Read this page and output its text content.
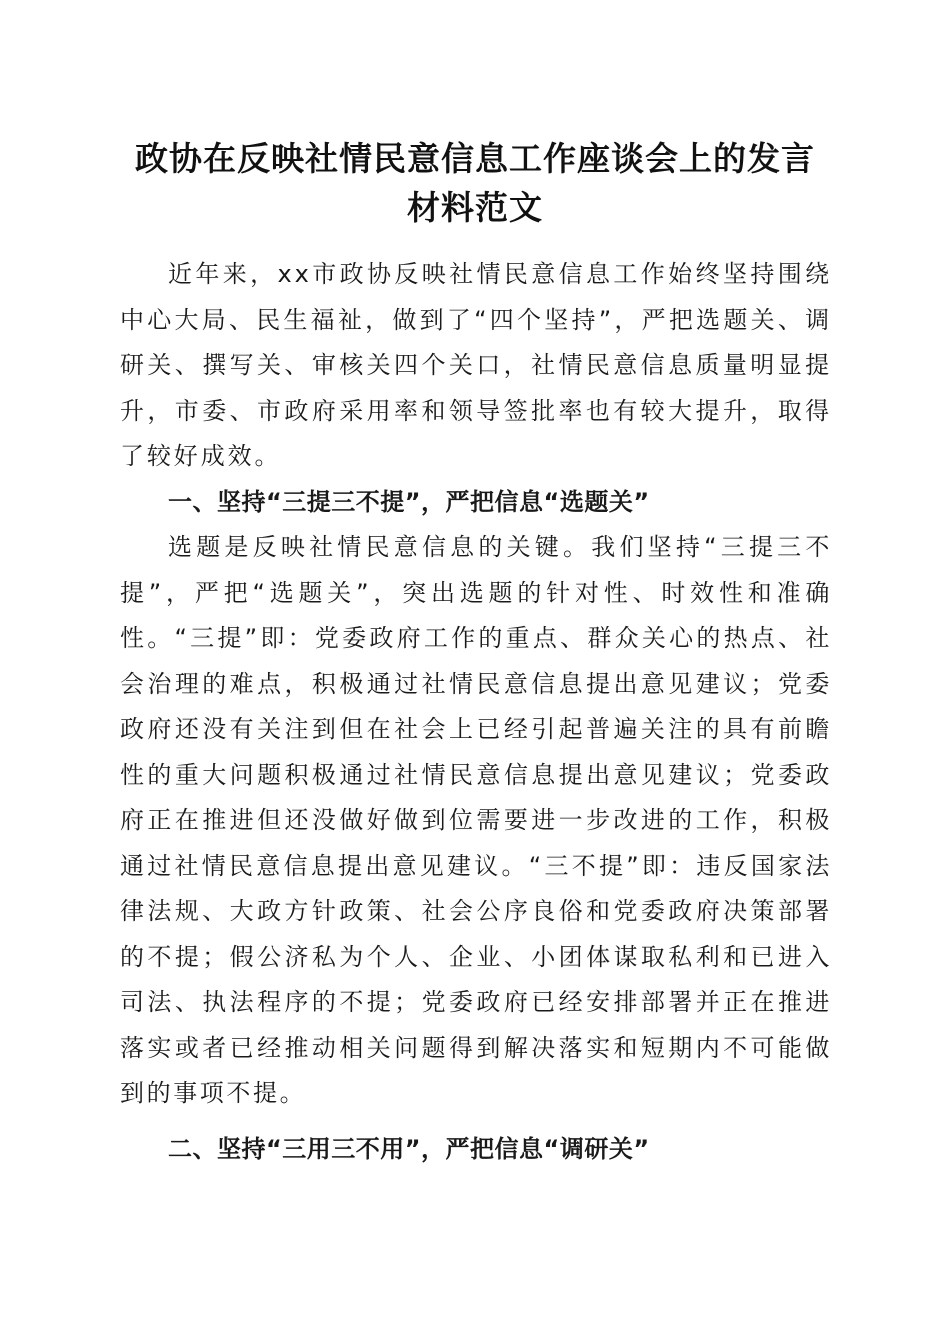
政协在反映社情民意信息工作座谈会上的发言
材料范文

近年来，xx市政协反映社情民意信息工作始终坚持围绕中心大局、民生福祉，做到了“四个坚持”，严把选题关、调研关、撰写关、审核关四个关口，社情民意信息质量明显提升，市委、市政府采用率和领导签批率也有较大提升，取得了较好成效。

一、坚持“三提三不提”，严把信息“选题关”

选题是反映社情民意信息的关键。我们坚持“三提三不提”，严把“选题关”，突出选题的针对性、时效性和准确性。“三提”即：党委政府工作的重点、群众关心的热点、社会治理的难点，积极通过社情民意信息提出意见建议；党委政府还没有关注到但在社会上已经引起普遍关注的具有前瞻性的重大问题积极通过社情民意信息提出意见建议；党委政府正在推进但还没做好做到位需要进一步改进的工作，积极通过社情民意信息提出意见建议。“三不提”即：违反国家法律法规、大政方针政策、社会公序良俗和党委政府决策部署的不提；假公济私为个人、企业、小团体谋取私利和已进入司法、执法程序的不提；党委政府已经安排部署并正在推进落实或者已经推动相关问题得到解决落实和短期内不可能做到的事项不提。

二、坚持“三用三不用”，严把信息“调研关”
